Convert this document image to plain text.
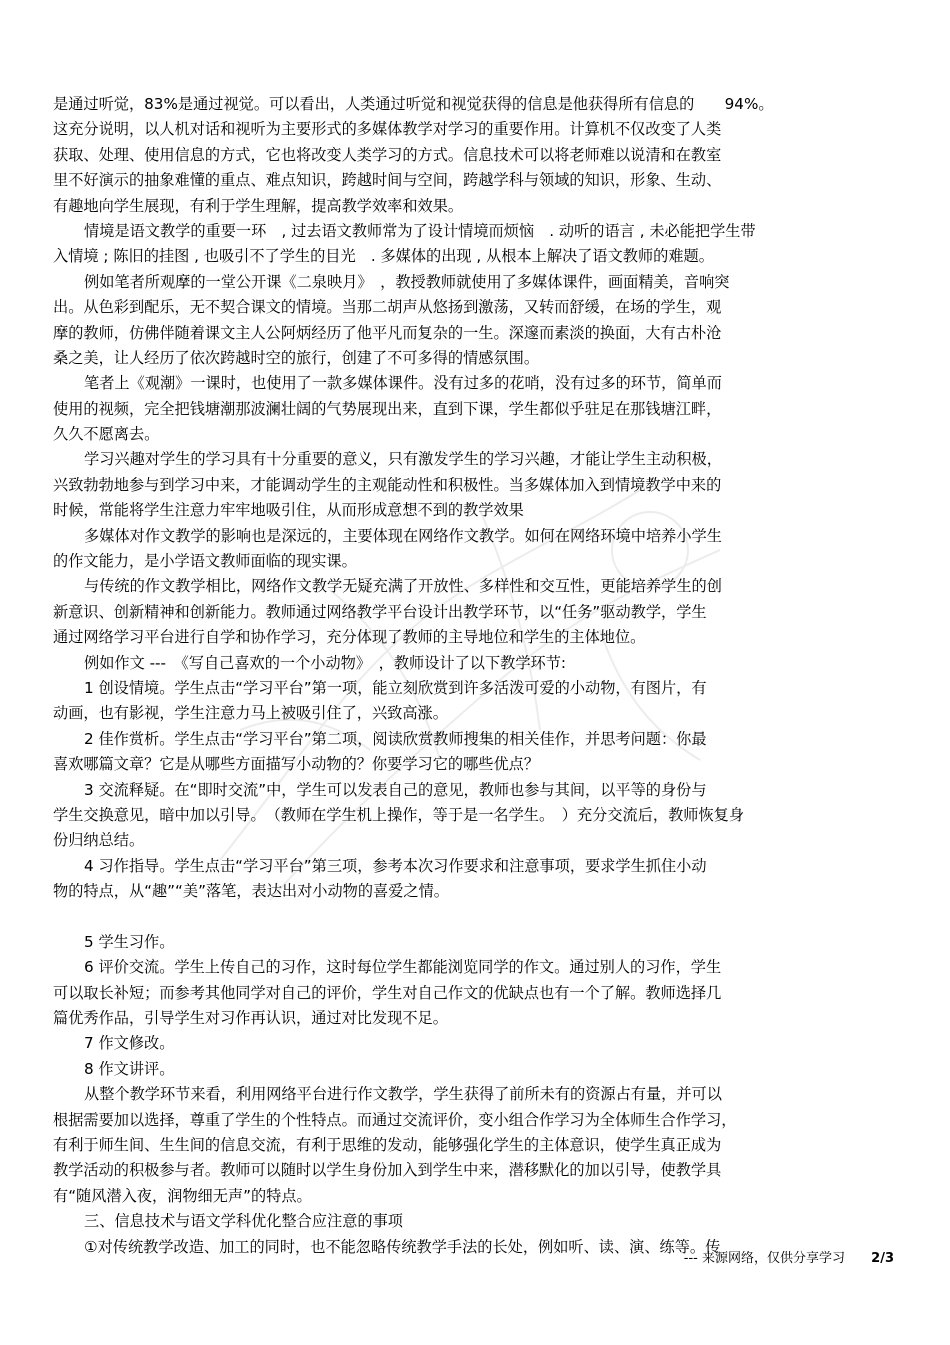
是通过听觉，83%是通过视觉。可以看出，人类通过听觉和视觉获得的信息是他获得所有信息的　　94%。
这充分说明，以人机对话和视听为主要形式的多媒体教学对学习的重要作用。计算机不仅改变了人类
获取、处理、使用信息的方式，它也将改变人类学习的方式。信息技术可以将老师难以说清和在教室
里不好演示的抽象难懂的重点、难点知识，跨越时间与空间，跨越学科与领域的知识，形象、生动、
有趣地向学生展现，有利于学生理解，提高教学效率和效果。
情境是语文教学的重要一环　, 过去语文教师常为了设计情境而烦恼　. 动听的语言 , 未必能把学生带
入情境 ; 陈旧的挂图 , 也吸引不了学生的目光　. 多媒体的出现 , 从根本上解决了语文教师的难题。
例如笔者所观摩的一堂公开课《二泉映月》　，教授教师就使用了多媒体课件，画面精美，音响突
出。从色彩到配乐，无不契合课文的情境。当那二胡声从悠扬到激荡，又转而舒缓，在场的学生，观
摩的教师，仿佛伴随着课文主人公阿炳经历了他平凡而复杂的一生。深邃而素淡的换面，大有古朴沧
桑之美，让人经历了依次跨越时空的旅行，创建了不可多得的情感氛围。
笔者上《观潮》一课时，也使用了一款多媒体课件。没有过多的花哨，没有过多的环节，简单而
使用的视频，完全把钱塘潮那波澜壮阔的气势展现出来，直到下课，学生都似乎驻足在那钱塘江畔，
久久不愿离去。
学习兴趣对学生的学习具有十分重要的意义，只有激发学生的学习兴趣，才能让学生主动积极，
兴致勃勃地参与到学习中来，才能调动学生的主观能动性和积极性。当多媒体加入到情境教学中来的
时候，常能将学生注意力牢牢地吸引住，从而形成意想不到的教学效果
多媒体对作文教学的影响也是深远的，主要体现在网络作文教学。如何在网络环境中培养小学生
的作文能力，是小学语文教师面临的现实课。
与传统的作文教学相比，网络作文教学无疑充满了开放性、多样性和交互性，更能培养学生的创
新意识、创新精神和创新能力。教师通过网络教学平台设计出教学环节，以“任务”驱动教学，学生
通过网络学习平台进行自学和协作学习，充分体现了教师的主导地位和学生的主体地位。
例如作文 ---　《写自己喜欢的一个小动物》　，教师设计了以下教学环节:
1 创设情境。学生点击“学习平台”第一项，能立刻欣赏到许多活泼可爱的小动物，有图片，有
动画，也有影视，学生注意力马上被吸引住了，兴致高涨。
2 佳作赏析。学生点击“学习平台”第二项，阅读欣赏教师搜集的相关佳作，并思考问题：你最
喜欢哪篇文章？它是从哪些方面描写小动物的？你要学习它的哪些优点？
3 交流释疑。在“即时交流”中，学生可以发表自己的意见，教师也参与其间，以平等的身份与
学生交换意见，暗中加以引导。　（教师在学生机上操作，等于是一名学生。　）充分交流后，教师恢复身
份归纳总结。
4 习作指导。学生点击“学习平台”第三项，参考本次习作要求和注意事项，要求学生抓住小动
物的特点，从“趣”“美”落笔，表达出对小动物的喜爱之情。
5 学生习作。
6 评价交流。学生上传自己的习作，这时每位学生都能浏览同学的作文。通过别人的习作，学生
可以取长补短；而参考其他同学对自己的评价，学生对自己作文的优缺点也有一个了解。教师选择几
篇优秀作品，引导学生对习作再认识，通过对比发现不足。
7 作文修改。
8 作文讲评。
从整个教学环节来看，利用网络平台进行作文教学，学生获得了前所未有的资源占有量，并可以
根据需要加以选择，尊重了学生的个性特点。而通过交流评价，变小组合作学习为全体师生合作学习，
有利于师生间、生生间的信息交流，有利于思维的发动，能够强化学生的主体意识，使学生真正成为
教学活动的积极参与者。教师可以随时以学生身份加入到学生中来，潜移默化的加以引导，使教学具
有“随风潜入夜，润物细无声”的特点。
三、信息技术与语文学科优化整合应注意的事项
①对传统教学改造、加工的同时，也不能忽略传统教学手法的长处，例如听、读、演、练等。传
--- 来源网络，仅供分享学习 2/3
